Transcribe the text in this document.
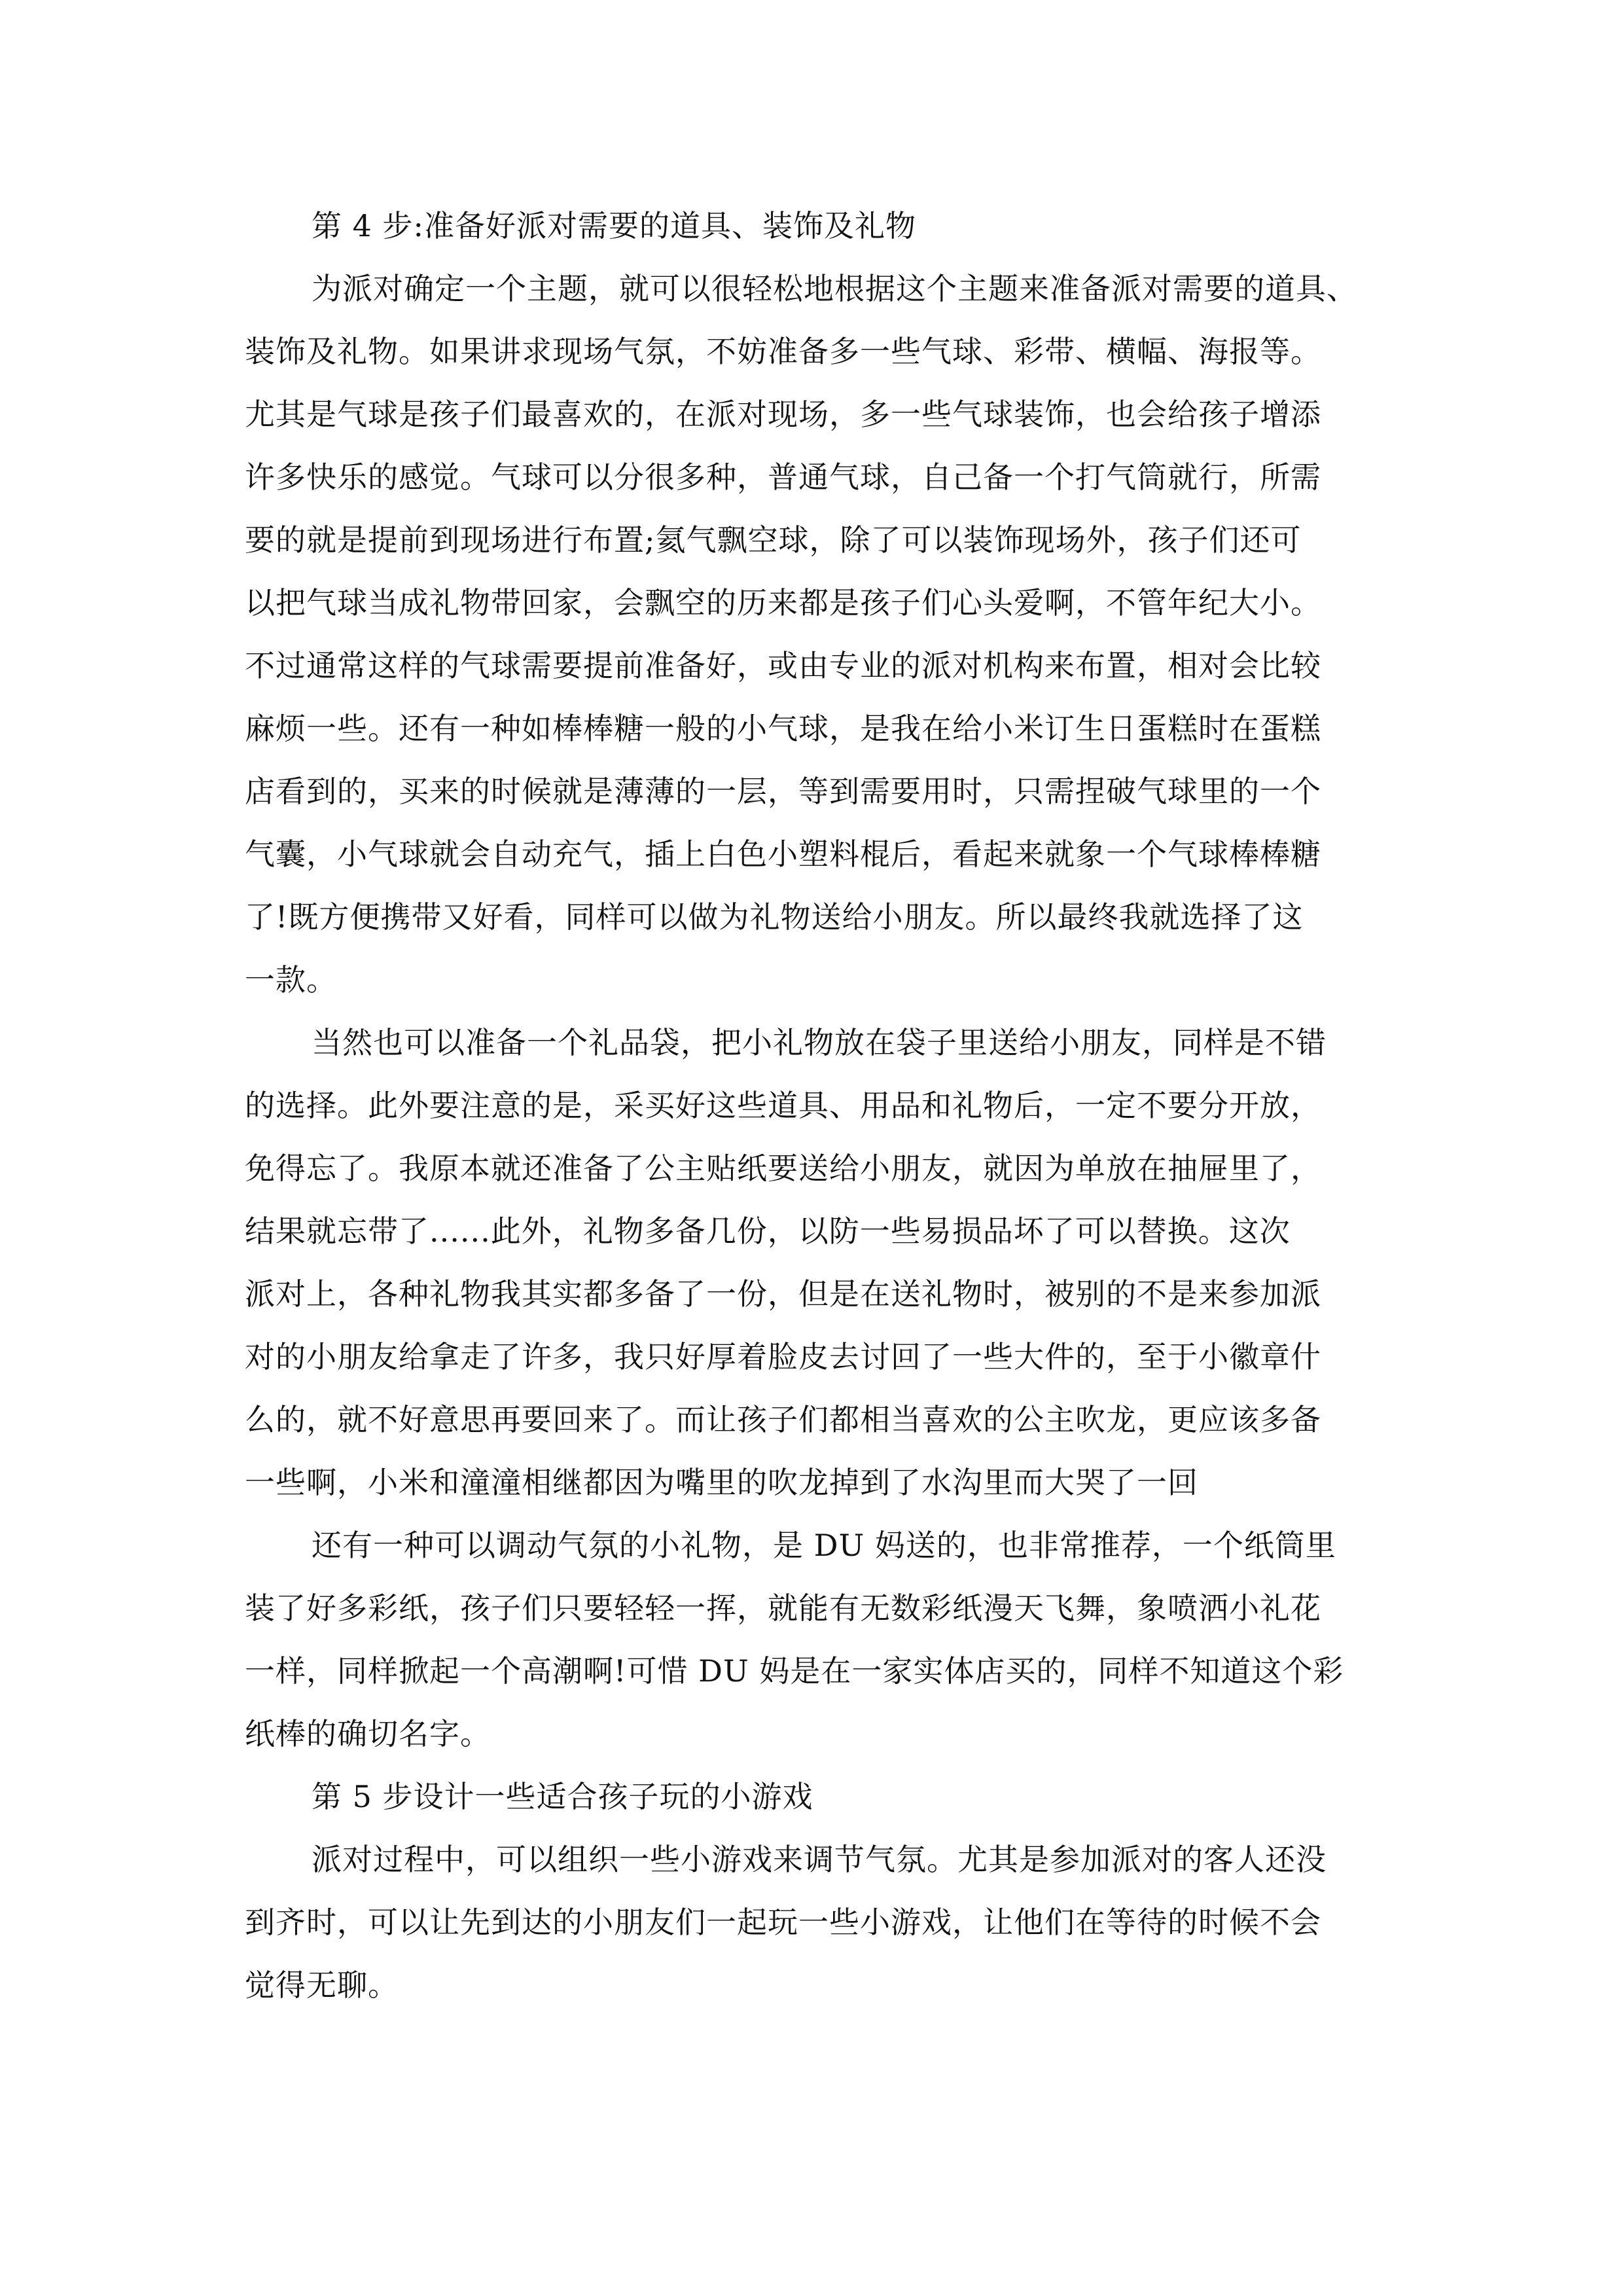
第 4 步:准备好派对需要的道具、装饰及礼物
为派对确定一个主题，就可以很轻松地根据这个主题来准备派对需要的道具、
装饰及礼物。如果讲求现场气氛，不妨准备多一些气球、彩带、横幅、海报等。
尤其是气球是孩子们最喜欢的，在派对现场，多一些气球装饰，也会给孩子增添
许多快乐的感觉。气球可以分很多种，普通气球，自己备一个打气筒就行，所需
要的就是提前到现场进行布置;氦气飘空球，除了可以装饰现场外，孩子们还可
以把气球当成礼物带回家，会飘空的历来都是孩子们心头爱啊，不管年纪大小。
不过通常这样的气球需要提前准备好，或由专业的派对机构来布置，相对会比较
麻烦一些。还有一种如棒棒糖一般的小气球，是我在给小米订生日蛋糕时在蛋糕
店看到的，买来的时候就是薄薄的一层，等到需要用时，只需捏破气球里的一个
气囊，小气球就会自动充气，插上白色小塑料棍后，看起来就象一个气球棒棒糖
了!既方便携带又好看，同样可以做为礼物送给小朋友。所以最终我就选择了这
一款。
当然也可以准备一个礼品袋，把小礼物放在袋子里送给小朋友，同样是不错
的选择。此外要注意的是，采买好这些道具、用品和礼物后，一定不要分开放，
免得忘了。我原本就还准备了公主贴纸要送给小朋友，就因为单放在抽屉里了，
结果就忘带了......此外，礼物多备几份，以防一些易损品坏了可以替换。这次
派对上，各种礼物我其实都多备了一份，但是在送礼物时，被别的不是来参加派
对的小朋友给拿走了许多，我只好厚着脸皮去讨回了一些大件的，至于小徽章什
么的，就不好意思再要回来了。而让孩子们都相当喜欢的公主吹龙，更应该多备
一些啊，小米和潼潼相继都因为嘴里的吹龙掉到了水沟里而大哭了一回
还有一种可以调动气氛的小礼物，是 DU 妈送的，也非常推荐，一个纸筒里
装了好多彩纸，孩子们只要轻轻一挥，就能有无数彩纸漫天飞舞，象喷洒小礼花
一样，同样掀起一个高潮啊!可惜 DU 妈是在一家实体店买的，同样不知道这个彩
纸棒的确切名字。
第 5 步设计一些适合孩子玩的小游戏
派对过程中，可以组织一些小游戏来调节气氛。尤其是参加派对的客人还没
到齐时，可以让先到达的小朋友们一起玩一些小游戏，让他们在等待的时候不会
觉得无聊。
